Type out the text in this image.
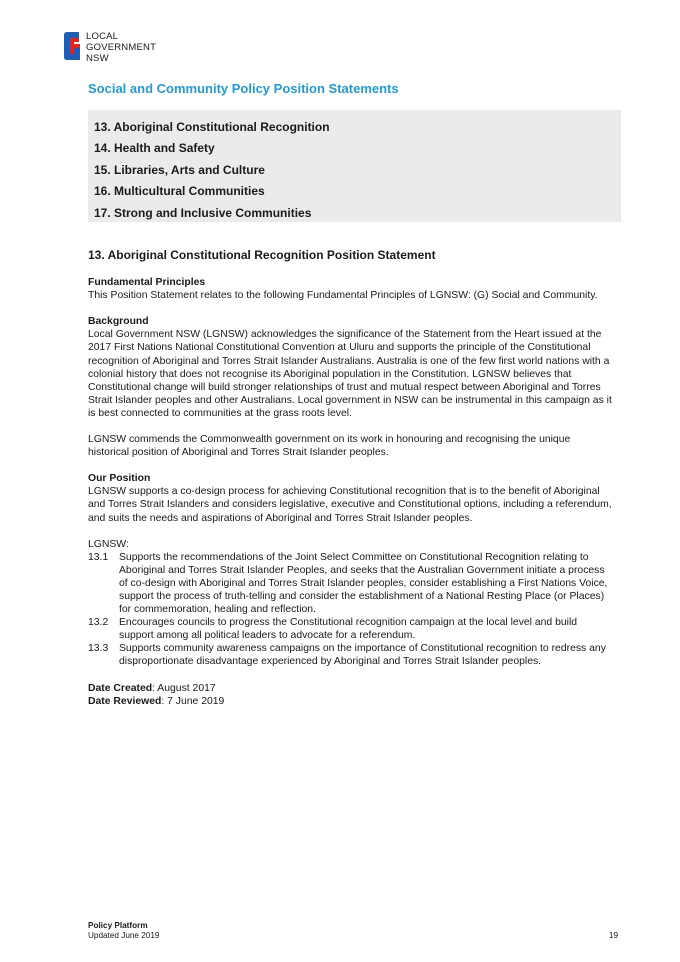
LOCAL
GOVERNMENT
NSW
Social and Community Policy Position Statements
13. Aboriginal Constitutional Recognition
14. Health and Safety
15. Libraries, Arts and Culture
16. Multicultural Communities
17. Strong and Inclusive Communities
13. Aboriginal Constitutional Recognition Position Statement
Fundamental Principles

This Position Statement relates to the following Fundamental Principles of LGNSW: (G) Social and Community.

Background

Local Government NSW (LGNSW) acknowledges the significance of the Statement from the Heart issued at the 2017 First Nations National Constitutional Convention at Uluru and supports the principle of the Constitutional recognition of Aboriginal and Torres Strait Islander Australians. Australia is one of the few first world nations with a colonial history that does not recognise its Aboriginal population in the Constitution. LGNSW believes that Constitutional change will build stronger relationships of trust and mutual respect between Aboriginal and Torres Strait Islander peoples and other Australians. Local government in NSW can be instrumental in this campaign as it is best connected to communities at the grass roots level.

LGNSW commends the Commonwealth government on its work in honouring and recognising the unique historical position of Aboriginal and Torres Strait Islander peoples.

Our Position

LGNSW supports a co-design process for achieving Constitutional recognition that is to the benefit of Aboriginal and Torres Strait Islanders and considers legislative, executive and Constitutional options, including a referendum, and suits the needs and aspirations of Aboriginal and Torres Strait Islander peoples.

LGNSW:
13.1	Supports the recommendations of the Joint Select Committee on Constitutional Recognition relating to Aboriginal and Torres Strait Islander Peoples, and seeks that the Australian Government initiate a process of co-design with Aboriginal and Torres Strait Islander peoples, consider establishing a First Nations Voice, support the process of truth-telling and consider the establishment of a National Resting Place (or Places) for commemoration, healing and reflection.
13.2	Encourages councils to progress the Constitutional recognition campaign at the local level and build support among all political leaders to advocate for a referendum.
13.3	Supports community awareness campaigns on the importance of Constitutional recognition to redress any disproportionate disadvantage experienced by Aboriginal and Torres Strait Islander peoples.
Date Created: August 2017
Date Reviewed: 7 June 2019
Policy Platform
Updated June 2019	19
